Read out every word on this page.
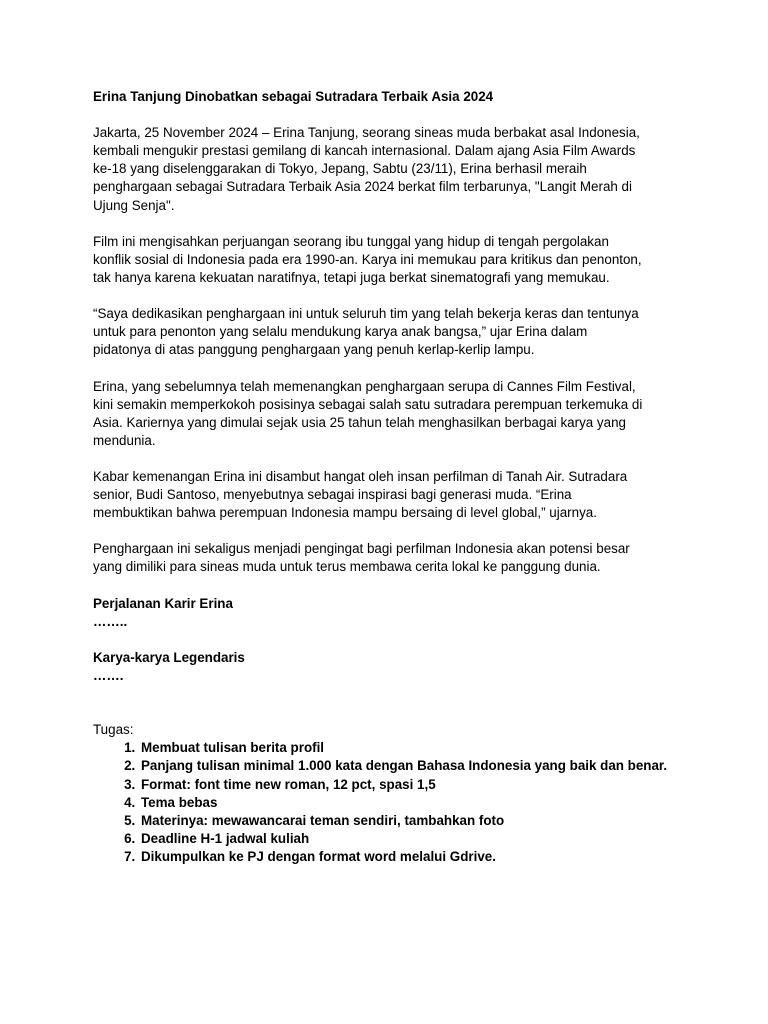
Erina Tanjung Dinobatkan sebagai Sutradara Terbaik Asia 2024

Jakarta, 25 November 2024 – Erina Tanjung, seorang sineas muda berbakat asal Indonesia,

kembali mengukir prestasi gemilang di kancah internasional. Dalam ajang Asia Film Awards

ke-18 yang diselenggarakan di Tokyo, Jepang, Sabtu (23/11), Erina berhasil meraih

penghargaan sebagai Sutradara Terbaik Asia 2024 berkat film terbarunya, "Langit Merah di

Ujung Senja".

Film ini mengisahkan perjuangan seorang ibu tunggal yang hidup di tengah pergolakan

konflik sosial di Indonesia pada era 1990-an. Karya ini memukau para kritikus dan penonton,

tak hanya karena kekuatan naratifnya, tetapi juga berkat sinematografi yang memukau.

“Saya dedikasikan penghargaan ini untuk seluruh tim yang telah bekerja keras dan tentunya

untuk para penonton yang selalu mendukung karya anak bangsa,” ujar Erina dalam

pidatonya di atas panggung penghargaan yang penuh kerlap-kerlip lampu.

Erina, yang sebelumnya telah memenangkan penghargaan serupa di Cannes Film Festival,

kini semakin memperkokoh posisinya sebagai salah satu sutradara perempuan terkemuka di

Asia. Kariernya yang dimulai sejak usia 25 tahun telah menghasilkan berbagai karya yang

mendunia.

Kabar kemenangan Erina ini disambut hangat oleh insan perfilman di Tanah Air. Sutradara

senior, Budi Santoso, menyebutnya sebagai inspirasi bagi generasi muda. “Erina

membuktikan bahwa perempuan Indonesia mampu bersaing di level global,” ujarnya.

Penghargaan ini sekaligus menjadi pengingat bagi perfilman Indonesia akan potensi besar

yang dimiliki para sineas muda untuk terus membawa cerita lokal ke panggung dunia.

Perjalanan Karir Erina

……..

Karya-karya Legendaris

…….

Tugas:

1. Membuat tulisan berita profil
2. Panjang tulisan minimal 1.000 kata dengan Bahasa Indonesia yang baik dan benar.
3. Format: font time new roman, 12 pct, spasi 1,5
4. Tema bebas
5. Materinya: mewawancarai teman sendiri, tambahkan foto
6. Deadline H-1 jadwal kuliah
7. Dikumpulkan ke PJ dengan format word melalui Gdrive.
